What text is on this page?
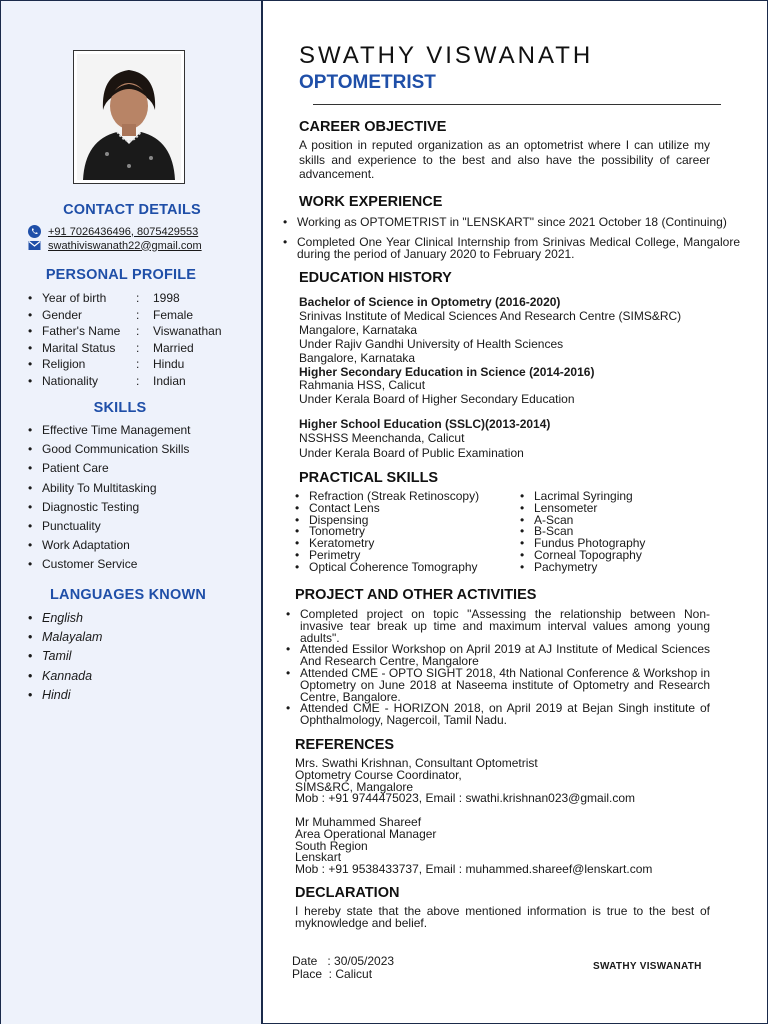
CONTACT DETAILS
+91 7026436496, 8075429553
swathiviswanath22@gmail.com
PERSONAL PROFILE
• Year of birth	:	1998
• Gender	:	Female
• Father's Name	:	Viswanathan
• Marital Status	:	Married
• Religion	:	Hindu
• Nationality	:	Indian
SKILLS
• Effective Time Management
• Good Communication Skills
• Patient Care
• Ability To Multitasking
• Diagnostic Testing
• Punctuality
• Work Adaptation
• Customer Service
LANGUAGES KNOWN
• English
• Malayalam
• Tamil
• Kannada
• Hindi
SWATHY VISWANATH
OPTOMETRIST
CAREER OBJECTIVE
A position in reputed organization as an optometrist where I can utilize my skills and experience to the best and also have the possibility of career advancement.
WORK EXPERIENCE
• Working as OPTOMETRIST in "LENSKART" since 2021 October 18 (Continuing)
• Completed One Year Clinical Internship from Srinivas Medical College, Mangalore during the period of January 2020 to February 2021.
EDUCATION HISTORY
Bachelor of Science in Optometry (2016-2020)
Srinivas Institute of Medical Sciences And Research Centre (SIMS&RC)
Mangalore, Karnataka
Under Rajiv Gandhi University of Health Sciences
Bangalore, Karnataka
Higher Secondary Education in Science (2014-2016)
Rahmania HSS, Calicut
Under Kerala Board of Higher Secondary Education
Higher School Education (SSLC)(2013-2014)
NSSHSS Meenchanda, Calicut
Under Kerala Board of Public Examination
PRACTICAL SKILLS
• Refraction (Streak Retinoscopy)
• Contact Lens
• Dispensing
• Tonometry
• Keratometry
• Perimetry
• Optical Coherence Tomography
• Lacrimal Syringing
• Lensometer
• A-Scan
• B-Scan
• Fundus Photography
• Corneal Topography
• Pachymetry
PROJECT AND OTHER ACTIVITIES
• Completed project on topic "Assessing the relationship between Non-invasive tear break up time and maximum interval values among young adults".
• Attended Essilor Workshop on April 2019 at AJ Institute of Medical Sciences And Research Centre, Mangalore
• Attended CME - OPTO SIGHT 2018, 4th National Conference & Workshop in Optometry on June 2018 at Naseema institute of Optometry and Research Centre, Bangalore.
• Attended CME - HORIZON 2018, on April 2019 at Bejan Singh institute of Ophthalmology, Nagercoil, Tamil Nadu.
REFERENCES
Mrs. Swathi Krishnan, Consultant Optometrist
Optometry Course Coordinator,
SIMS&RC, Mangalore
Mob : +91 9744475023, Email : swathi.krishnan023@gmail.com
Mr Muhammed Shareef
Area Operational Manager
South Region
Lenskart
Mob : +91 9538433737, Email : muhammed.shareef@lenskart.com
DECLARATION
I hereby state that the above mentioned information is true to the best of myknowledge and belief.
Date   : 30/05/2023
Place  : Calicut	SWATHY VISWANATH
